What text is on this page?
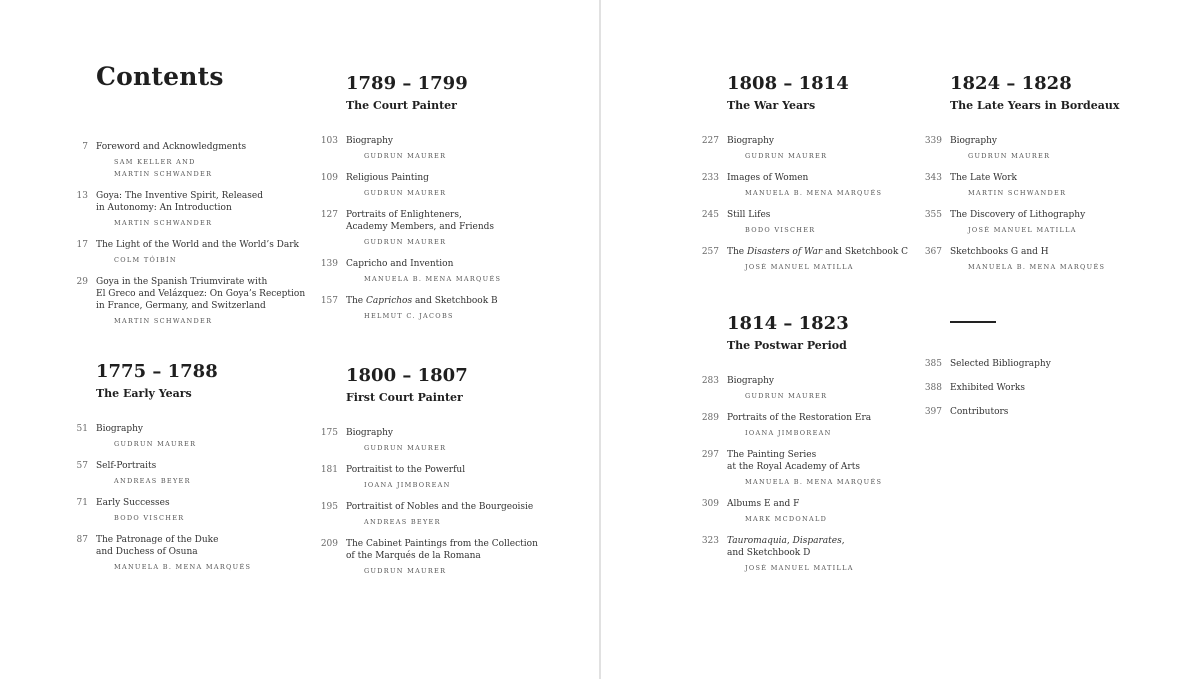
Contents
7 Foreword and Acknowledgments
SAM KELLER AND
MARTIN SCHWANDER
13 Goya: The Inventive Spirit, Released
in Autonomy: An Introduction
MARTIN SCHWANDER
17 The Light of the World and the World’s Dark
COLM TÓIBÍN
29 Goya in the Spanish Triumvirate with
El Greco and Velázquez: On Goya’s Reception
in France, Germany, and Switzerland
MARTIN SCHWANDER
1775 – 1788
The Early Years
51 Biography
GUDRUN MAURER
57 Self-Portraits
ANDREAS BEYER
71 Early Successes
BODO VISCHER
87 The Patronage of the Duke
and Duchess of Osuna
MANUELA B. MENA MARQUÉS
1789 – 1799
The Court Painter
103 Biography
GUDRUN MAURER
109 Religious Painting
GUDRUN MAURER
127 Portraits of Enlighteners,
Academy Members, and Friends
GUDRUN MAURER
139 Capricho and Invention
MANUELA B. MENA MARQUÉS
157 The Caprichos and Sketchbook B
HELMUT C. JACOBS
1800 – 1807
First Court Painter
175 Biography
GUDRUN MAURER
181 Portraitist to the Powerful
IOANA JIMBOREAN
195 Portraitist of Nobles and the Bourgeoisie
ANDREAS BEYER
209 The Cabinet Paintings from the Collection
of the Marqués de la Romana
GUDRUN MAURER
1808 – 1814
The War Years
227 Biography
GUDRUN MAURER
233 Images of Women
MANUELA B. MENA MARQUÉS
245 Still Lifes
BODO VISCHER
257 The Disasters of War and Sketchbook C
JOSÉ MANUEL MATILLA
1814 – 1823
The Postwar Period
283 Biography
GUDRUN MAURER
289 Portraits of the Restoration Era
IOANA JIMBOREAN
297 The Painting Series
at the Royal Academy of Arts
MANUELA B. MENA MARQUÉS
309 Albums E and F
MARK MCDONALD
323 Tauromaquia, Disparates,
and Sketchbook D
JOSÉ MANUEL MATILLA
1824 – 1828
The Late Years in Bordeaux
339 Biography
GUDRUN MAURER
343 The Late Work
MARTIN SCHWANDER
355 The Discovery of Lithography
JOSÉ MANUEL MATILLA
367 Sketchbooks G and H
MANUELA B. MENA MARQUÉS
385 Selected Bibliography
388 Exhibited Works
397 Contributors
